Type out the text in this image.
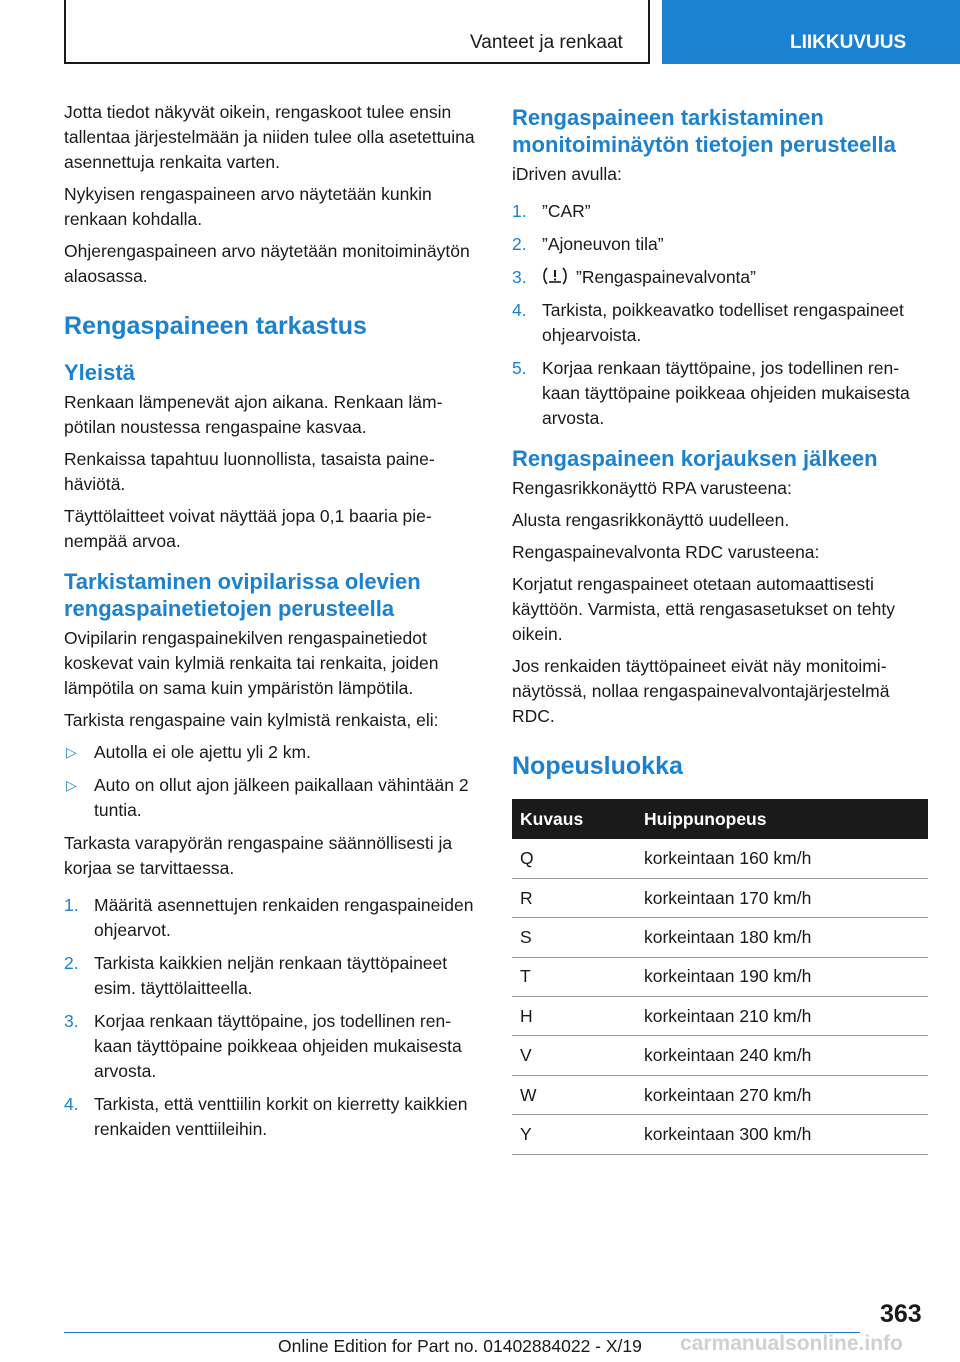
Vanteet ja renkaat	LIIKKUVUUS

Jotta tiedot näkyvät oikein, rengaskoot tulee ensin tallentaa järjestelmään ja niiden tulee olla asetettuina asennettuja renkaita varten.

Nykyisen rengaspaineen arvo näytetään kunkin renkaan kohdalla.

Ohjerengaspaineen arvo näytetään monitoiminäytön alaosassa.

Rengaspaineen tarkastus
Yleistä

Renkaan lämpenevät ajon aikana. Renkaan lämpötilan noustessa rengaspaine kasvaa.

Renkaissa tapahtuu luonnollista, tasaista painehäviötä.

Täyttölaitteet voivat näyttää jopa 0,1 baaria pienempää arvoa.

Tarkistaminen ovipilarissa olevien rengaspainetietojen perusteella

Ovipilarin rengaspainekilven rengaspainetiedot koskevat vain kylmiä renkaita tai renkaita, joiden lämpötila on sama kuin ympäristön lämpötila.

Tarkista rengaspaine vain kylmistä renkaista, eli:

▷ Autolla ei ole ajettu yli 2 km.
▷ Auto on ollut ajon jälkeen paikallaan vähintään 2 tuntia.

Tarkasta varapyörän rengaspaine säännöllisesti ja korjaa se tarvittaessa.

1. Määritä asennettujen renkaiden rengaspaineiden ohjearvot.
2. Tarkista kaikkien neljän renkaan täyttöpaineet esim. täyttölaitteella.
3. Korjaa renkaan täyttöpaine, jos todellinen renkaan täyttöpaine poikkeaa ohjeiden mukaisesta arvosta.
4. Tarkista, että venttiilin korkit on kierretty kaikkien renkaiden venttiileihin.
Rengaspaineen tarkistaminen monitoiminäytön tietojen perusteella

iDriven avulla:

1. ”CAR”
2. ”Ajoneuvon tila”
3.	”Rengaspainevalvonta”
4. Tarkista, poikkeavatko todelliset rengaspaineet ohjearvoista.
5. Korjaa renkaan täyttöpaine, jos todellinen renkaan täyttöpaine poikkeaa ohjeiden mukaisesta arvosta.
Rengaspaineen korjauksen jälkeen

Rengasrikkonäyttö RPA varusteena:

Alusta rengasrikkonäyttö uudelleen.

Rengaspainevalvonta RDC varusteena:

Korjatut rengaspaineet otetaan automaattisesti käyttöön. Varmista, että rengasasetukset on tehty oikein.

Jos renkaiden täyttöpaineet eivät näy monitoiminäytössä, nollaa rengaspainevalvontajärjestelmä RDC.

Nopeusluokka
Kuvaus	Huippunopeus
Q	korkeintaan 160 km/h
R	korkeintaan 170 km/h
S	korkeintaan 180 km/h
T	korkeintaan 190 km/h
H	korkeintaan 210 km/h
V	korkeintaan 240 km/h
W	korkeintaan 270 km/h
Y	korkeintaan 300 km/h
363
carmanualsonline.info
Online Edition for Part no. 01402884022 - X/19
